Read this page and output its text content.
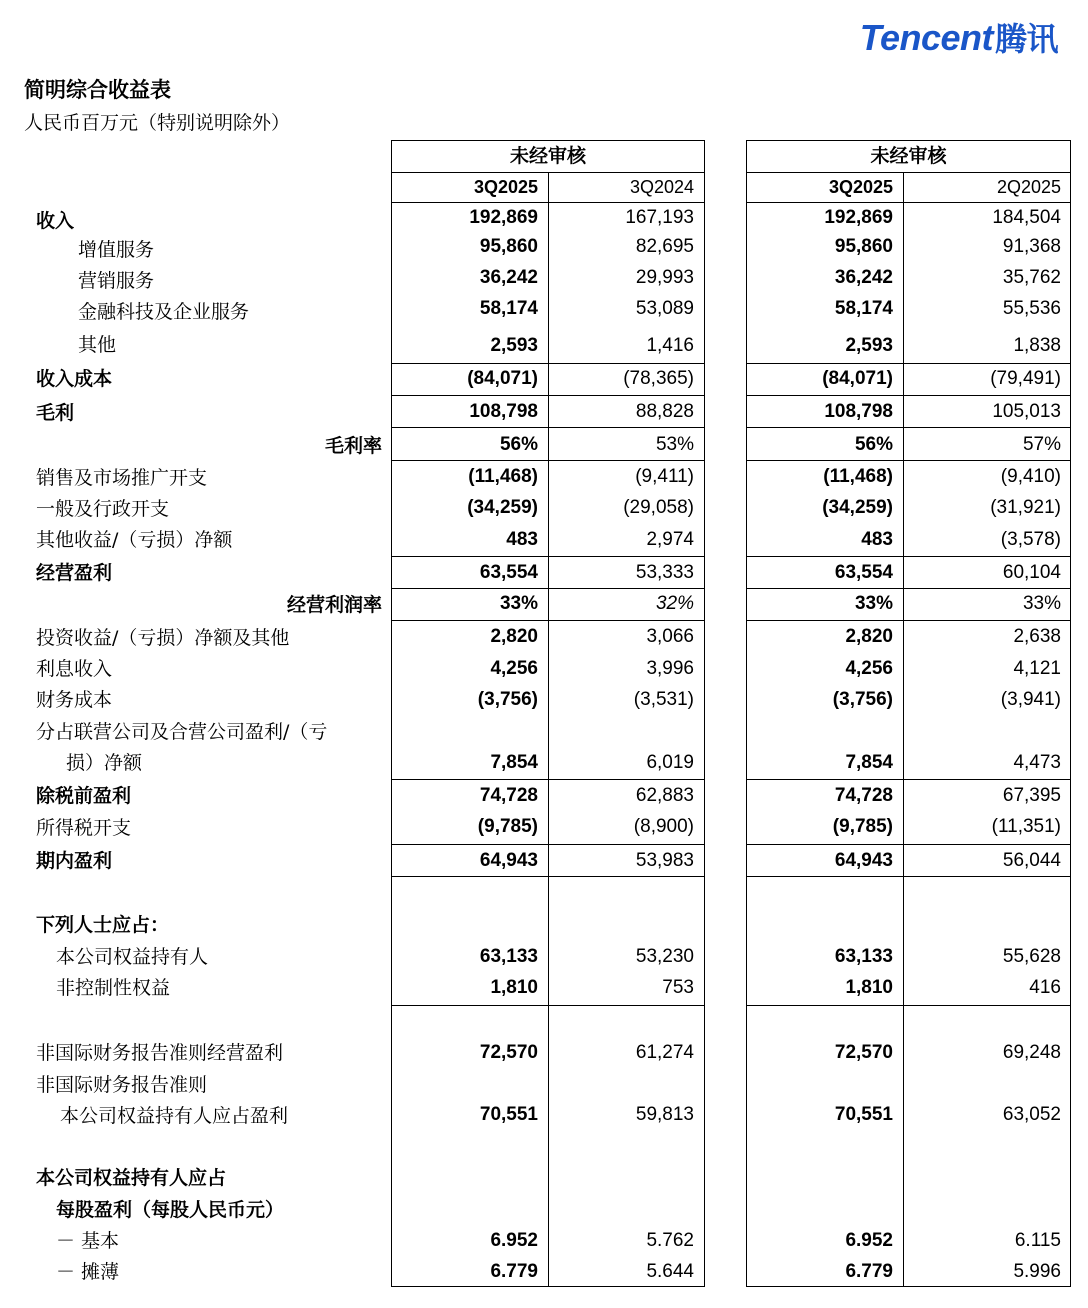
Tencent腾讯
简明综合收益表
人民币百万元（特别说明除外）
未经审核	未经审核
3Q2025	3Q2024	3Q2025	2Q2025
收入	192,869	167,193	192,869	184,504
增值服务	95,860	82,695	95,860	91,368
营销服务	36,242	29,993	36,242	35,762
金融科技及企业服务	58,174	53,089	58,174	55,536
其他	2,593	1,416	2,593	1,838
收入成本	(84,071)	(78,365)	(84,071)	(79,491)
毛利	108,798	88,828	108,798	105,013
毛利率	56%	53%	56%	57%
销售及市场推广开支	(11,468)	(9,411)	(11,468)	(9,410)
一般及行政开支	(34,259)	(29,058)	(34,259)	(31,921)
其他收益/（亏损）净额	483	2,974	483	(3,578)
经营盈利	63,554	53,333	63,554	60,104
经营利润率	33%	32%	33%	33%
投资收益/（亏损）净额及其他	2,820	3,066	2,820	2,638
利息收入	4,256	3,996	4,256	4,121
财务成本	(3,756)	(3,531)	(3,756)	(3,941)
分占联营公司及合营公司盈利/（亏
损）净额	7,854	6,019	7,854	4,473
除税前盈利	74,728	62,883	74,728	67,395
所得税开支	(9,785)	(8,900)	(9,785)	(11,351)
期内盈利	64,943	53,983	64,943	56,044
下列人士应占：
本公司权益持有人	63,133	53,230	63,133	55,628
非控制性权益	1,810	753	1,810	416
非国际财务报告准则经营盈利	72,570	61,274	72,570	69,248
非国际财务报告准则
本公司权益持有人应占盈利	70,551	59,813	70,551	63,052
本公司权益持有人应占
每股盈利（每股人民币元）
－ 基本	6.952	5.762	6.952	6.115
－ 摊薄	6.779	5.644	6.779	5.996
